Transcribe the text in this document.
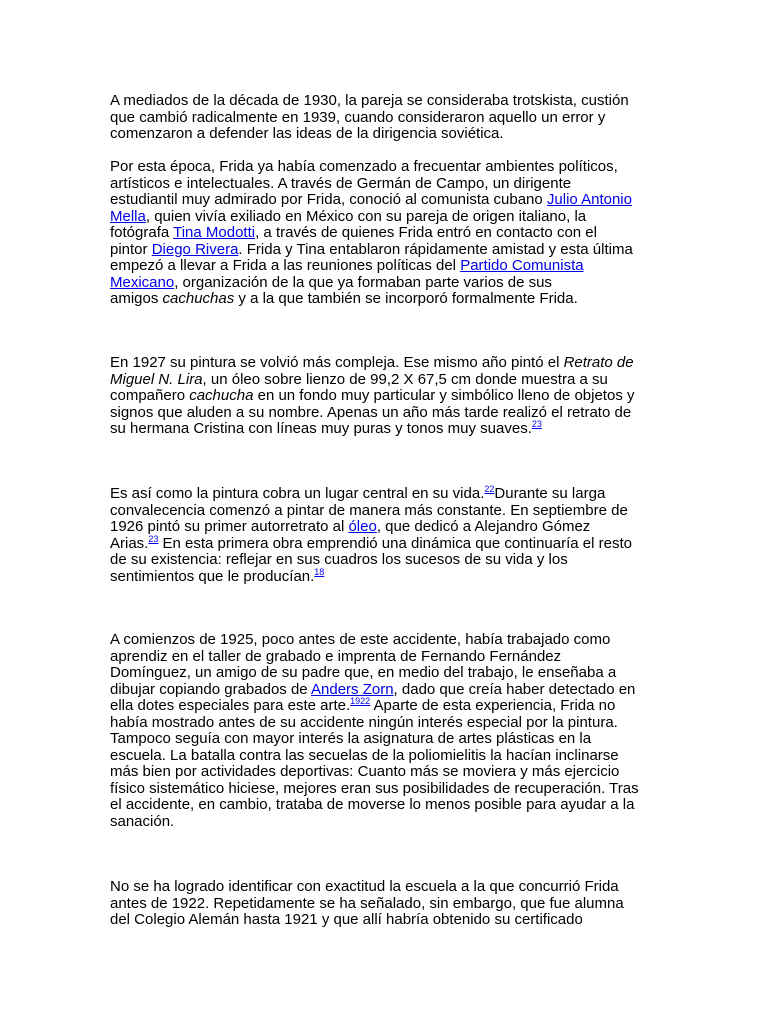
A mediados de la década de 1930, la pareja se consideraba trotskista, custión
que cambió radicalmente en 1939, cuando consideraron aquello un error y
comenzaron a defender las ideas de la dirigencia soviética.

Por esta época, Frida ya había comenzado a frecuentar ambientes políticos,
artísticos e intelectuales. A través de Germán de Campo, un dirigente
estudiantil muy admirado por Frida, conoció al comunista cubano Julio Antonio
Mella, quien vivía exiliado en México con su pareja de origen italiano, la
fotógrafa Tina Modotti, a través de quienes Frida entró en contacto con el
pintor Diego Rivera. Frida y Tina entablaron rápidamente amistad y esta última
empezó a llevar a Frida a las reuniones políticas del Partido Comunista
Mexicano, organización de la que ya formaban parte varios de sus
amigos cachuchas y a la que también se incorporó formalmente Frida.

En 1927 su pintura se volvió más compleja. Ese mismo año pintó el Retrato de
Miguel N. Lira, un óleo sobre lienzo de 99,2 X 67,5 cm donde muestra a su
compañero cachucha en un fondo muy particular y simbólico lleno de objetos y
signos que aluden a su nombre. Apenas un año más tarde realizó el retrato de
su hermana Cristina con líneas muy puras y tonos muy suaves.$^{23}$

Es así como la pintura cobra un lugar central en su vida.$^{22}$Durante su larga
convalecencia comenzó a pintar de manera más constante. En septiembre de
1926 pintó su primer autorretrato al óleo, que dedicó a Alejandro Gómez
Arias.$^{23}$ En esta primera obra emprendió una dinámica que continuaría el resto
de su existencia: reflejar en sus cuadros los sucesos de su vida y los
sentimientos que le producían.$^{18}$

A comienzos de 1925, poco antes de este accidente, había trabajado como
aprendiz en el taller de grabado e imprenta de Fernando Fernández
Domínguez, un amigo de su padre que, en medio del trabajo, le enseñaba a
dibujar copiando grabados de Anders Zorn, dado que creía haber detectado en
ella dotes especiales para este arte.$^{1922}$ Aparte de esta experiencia, Frida no
había mostrado antes de su accidente ningún interés especial por la pintura.
Tampoco seguía con mayor interés la asignatura de artes plásticas en la
escuela. La batalla contra las secuelas de la poliomielitis la hacían inclinarse
más bien por actividades deportivas: Cuanto más se moviera y más ejercicio
físico sistemático hiciese, mejores eran sus posibilidades de recuperación. Tras
el accidente, en cambio, trataba de moverse lo menos posible para ayudar a la
sanación.

No se ha logrado identificar con exactitud la escuela a la que concurrió Frida
antes de 1922. Repetidamente se ha señalado, sin embargo, que fue alumna
del Colegio Alemán hasta 1921 y que allí habría obtenido su certificado
